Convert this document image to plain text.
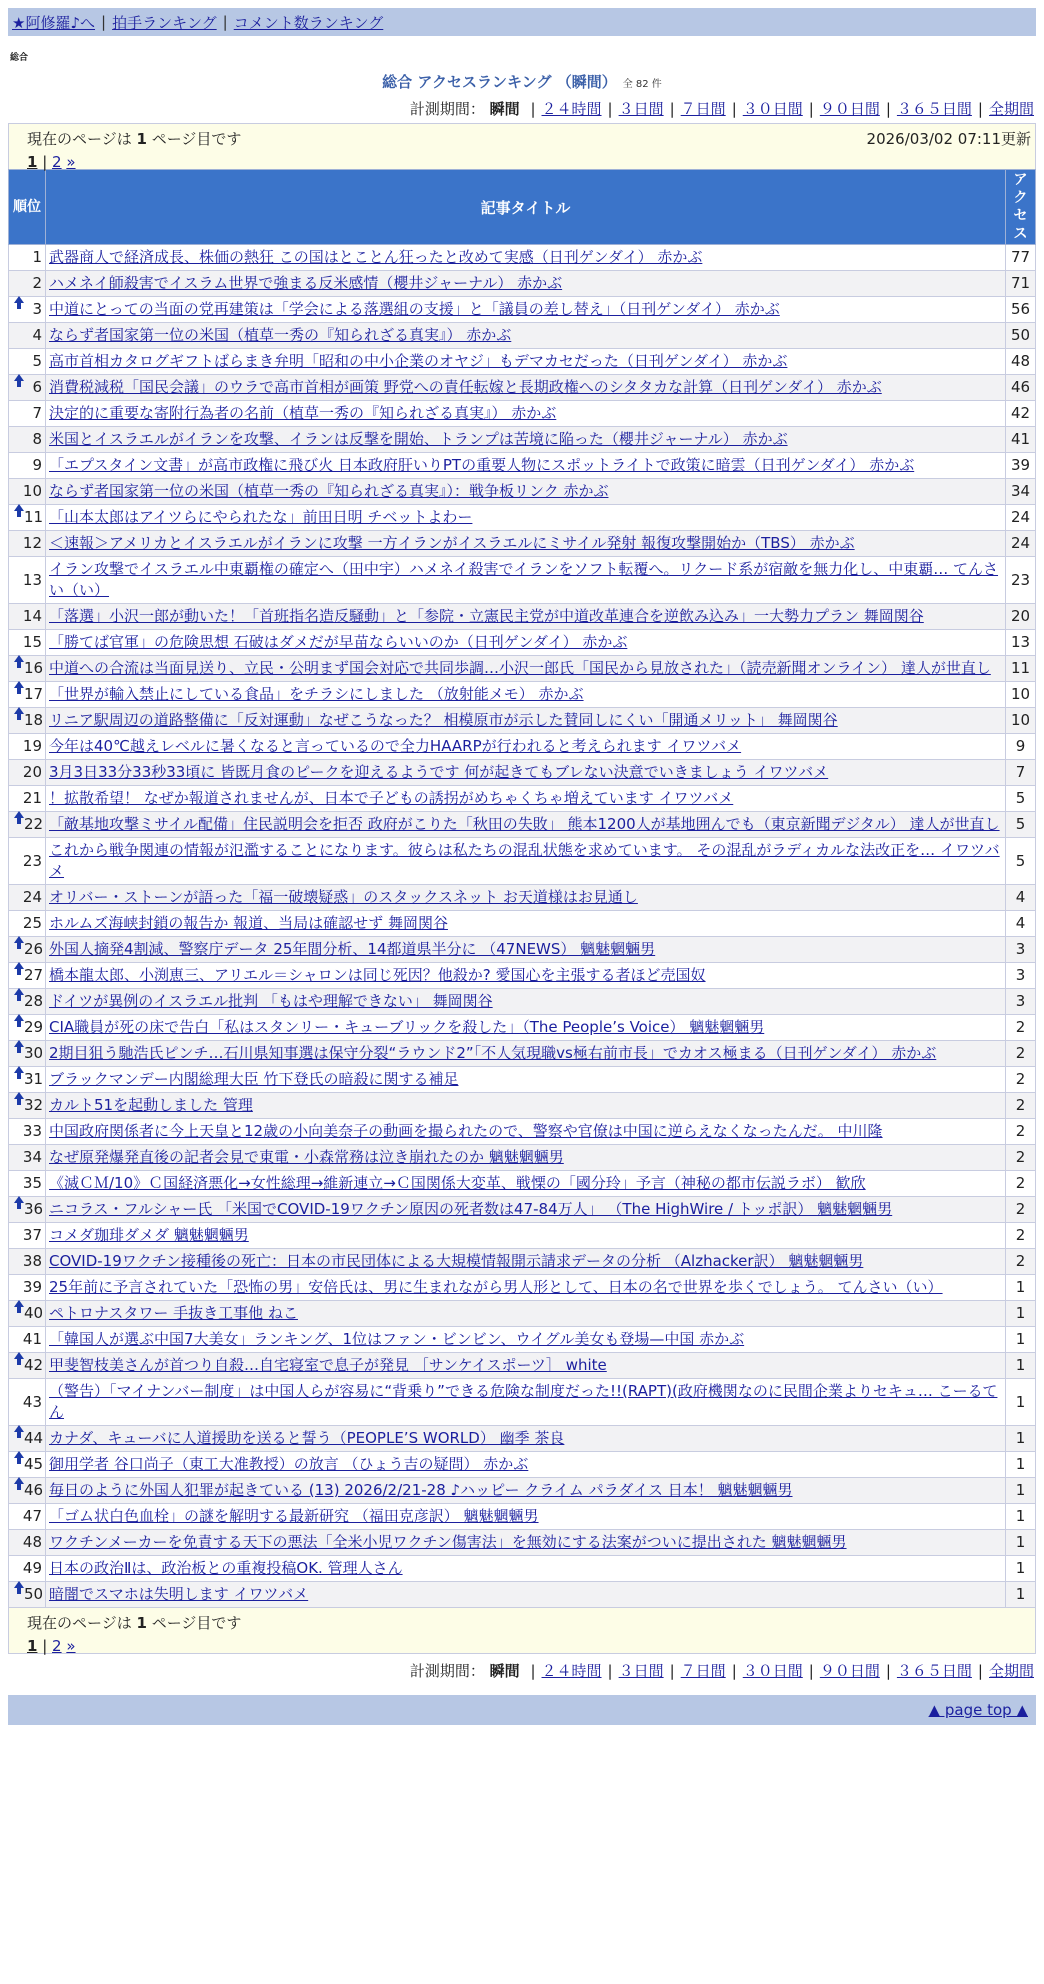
★阿修羅♪へ | 拍手ランキング | コメント数ランキング
総合
総合 アクセスランキング （瞬間） 全 82 件
計測期間： 瞬間 | ２４時間 | ３日間 | ７日間 | ３０日間 | ９０日間 | ３６５日間 | 全期間
現在のページは 1 ページ目です	2026/03/02 07:11更新
1 | 2 »
順位	記事タイトル	アクセス
1	武器商人で経済成長、株価の熱狂 この国はとことん狂ったと改めて実感（日刊ゲンダイ） 赤かぶ	77
2	ハメネイ師殺害でイスラム世界で強まる反米感情（櫻井ジャーナル） 赤かぶ	71

3	中道にとっての当面の党再建策は「学会による落選組の支援」と「議員の差し替え」（日刊ゲンダイ） 赤かぶ	56
4	ならず者国家第一位の米国（植草一秀の『知られざる真実』） 赤かぶ	50
5	高市首相カタログギフトばらまき弁明「昭和の中小企業のオヤジ」もデマカセだった（日刊ゲンダイ） 赤かぶ	48

6	消費税減税「国民会議」のウラで高市首相が画策 野党への責任転嫁と長期政権へのシタタカな計算（日刊ゲンダイ） 赤かぶ	46
7	決定的に重要な寄附行為者の名前（植草一秀の『知られざる真実』） 赤かぶ	42
8	米国とイスラエルがイランを攻撃、イランは反撃を開始、トランプは苦境に陥った（櫻井ジャーナル） 赤かぶ	41
9	「エプスタイン文書」が高市政権に飛び火 日本政府肝いりPTの重要人物にスポットライトで政策に暗雲（日刊ゲンダイ） 赤かぶ	39
10	ならず者国家第一位の米国（植草一秀の『知られざる真実』）：戦争板リンク 赤かぶ	34

11	「山本太郎はアイツらにやられたな」前田日明 チベットよわー	24
12	＜速報＞アメリカとイスラエルがイランに攻撃 一方イランがイスラエルにミサイル発射 報復攻撃開始か（TBS） 赤かぶ	24
13	イラン攻撃でイスラエル中東覇権の確定へ（田中宇）ハメネイ殺害でイランをソフト転覆へ。リクード系が宿敵を無力化し、中東覇… てんさい（い）	23
14	「落選」小沢一郎が動いた！「首班指名造反騒動」と「参院・立憲民主党が中道改革連合を逆飲み込み」一大勢力プラン 舞岡関谷	20
15	「勝てば官軍」の危険思想 石破はダメだが早苗ならいいのか（日刊ゲンダイ） 赤かぶ	13

16	中道への合流は当面見送り、立民・公明まず国会対応で共同歩調…小沢一郎氏「国民から見放された」（読売新聞オンライン） 達人が世直し	11

17	「世界が輸入禁止にしている食品」をチラシにしました （放射能メモ） 赤かぶ	10

18	リニア駅周辺の道路整備に「反対運動」なぜこうなった？ 相模原市が示した賛同しにくい「開通メリット」 舞岡関谷	10
19	今年は40℃越えレベルに暑くなると言っているので全力HAARPが行われると考えられます イワツバメ	9
20	3月3日33分33秒33頃に 皆既月食のピークを迎えるようです 何が起きてもブレない決意でいきましょう イワツバメ	7
21	！拡散希望！ なぜか報道されませんが、日本で子どもの誘拐がめちゃくちゃ増えています イワツバメ	5

22	「敵基地攻撃ミサイル配備」住民説明会を拒否 政府がこりた「秋田の失敗」 熊本1200人が基地囲んでも（東京新聞デジタル） 達人が世直し	5
23	これから戦争関連の情報が氾濫することになります。彼らは私たちの混乱状態を求めています。 その混乱がラディカルな法改正を… イワツバメ	5
24	オリバー・ストーンが語った「福一破壊疑惑」のスタックスネット お天道様はお見通し	4
25	ホルムズ海峡封鎖の報告か 報道、当局は確認せず 舞岡関谷	4

26	外国人摘発4割減、警察庁データ 25年間分析、14都道県半分に （47NEWS） 魑魅魍魎男	3

27	橋本龍太郎、小渕恵三、アリエル＝シャロンは同じ死因？他殺か? 愛国心を主張する者ほど売国奴	3

28	ドイツが異例のイスラエル批判 「もはや理解できない」 舞岡関谷	3

29	CIA職員が死の床で告白「私はスタンリー・キューブリックを殺した」（The People’s Voice） 魑魅魍魎男	2

30	2期目狙う馳浩氏ピンチ…石川県知事選は保守分裂“ラウンド2”「不人気現職vs極右前市長」でカオス極まる（日刊ゲンダイ） 赤かぶ	2

31	ブラックマンデー内閣総理大臣 竹下登氏の暗殺に関する補足	2

32	カルト51を起動しました 管理	2
33	中国政府関係者に今上天皇と12歳の小向美奈子の動画を撮られたので、警察や官僚は中国に逆らえなくなったんだ。 中川隆	2
34	なぜ原発爆発直後の記者会見で東電・小森常務は泣き崩れたのか 魑魅魍魎男	2
35	《滅ＣＭ/10》Ｃ国経済悪化→女性総理→維新連立→Ｃ国関係大変革、戦慄の「國分玲」予言（神秘の都市伝説ラボ） 歓欣	2

36	ニコラス・フルシャー氏 「米国でCOVID-19ワクチン原因の死者数は47-84万人」 （The HighWire / トッポ訳） 魑魅魍魎男	2
37	コメダ珈琲ダメダ 魑魅魍魎男	2
38	COVID-19ワクチン接種後の死亡：日本の市民団体による大規模情報開示請求データの分析 （Alzhacker訳） 魑魅魍魎男	2
39	25年前に予言されていた「恐怖の男」安倍氏は、男に生まれながら男人形として、日本の名で世界を歩くでしょう。 てんさい（い）	1

40	ペトロナスタワー 手抜き工事他 ねこ	1
41	「韓国人が選ぶ中国7大美女」ランキング、1位はファン・ビンビン、ウイグル美女も登場—中国 赤かぶ	1

42	甲斐智枝美さんが首つり自殺…自宅寝室で息子が発見 ［サンケイスポーツ］ white	1
43	（警告）「マイナンバー制度」は中国人らが容易に“背乗り”できる危険な制度だった!!(RAPT)(政府機関なのに民間企業よりセキュ… こーるてん	1

44	カナダ、キューバに人道援助を送ると誓う（PEOPLE’S WORLD） 幽季 茶良	1

45	御用学者 谷口尚子（東工大准教授）の放言 （ひょう吉の疑問） 赤かぶ	1

46	毎日のように外国人犯罪が起きている (13) 2026/2/21-28 ♪ハッピー クライム パラダイス 日本！ 魑魅魍魎男	1
47	「ゴム状白色血栓」の謎を解明する最新研究 （福田克彦訳） 魑魅魍魎男	1
48	ワクチンメーカーを免責する天下の悪法「全米小児ワクチン傷害法」を無効にする法案がついに提出された 魑魅魍魎男	1
49	日本の政治Ⅱは、政治板との重複投稿OK. 管理人さん	1

50	暗闇でスマホは失明します イワツバメ	1
現在のページは 1 ページ目です
1 | 2 »
計測期間： 瞬間 | ２４時間 | ３日間 | ７日間 | ３０日間 | ９０日間 | ３６５日間 | 全期間
▲ page top ▲
